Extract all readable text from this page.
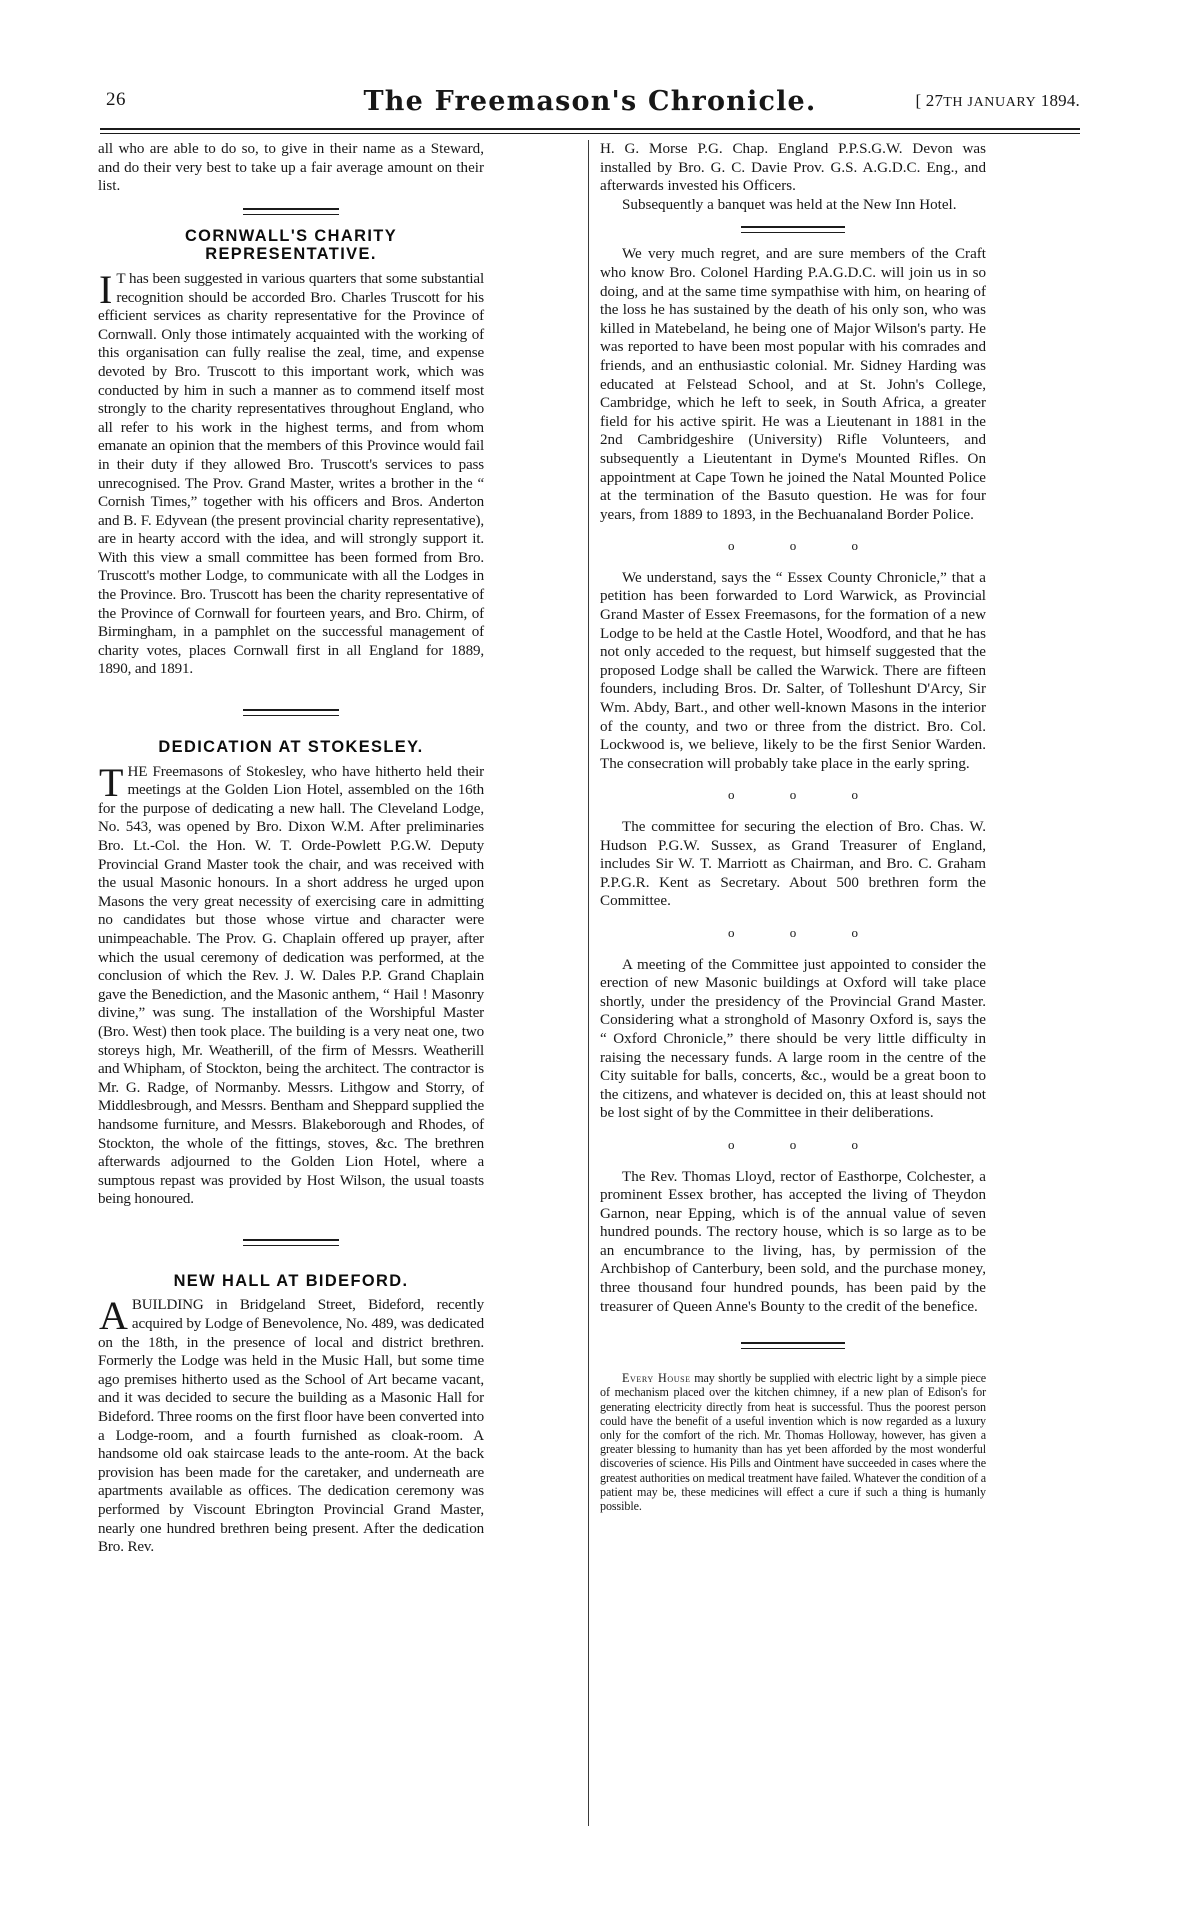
26	The Freemason's Chronicle.	[ 27TH JANUARY 1894.

all who are able to do so, to give in their name as a Steward, and do their very best to take up a fair average amount on their list.

CORNWALL'S CHARITY REPRESENTATIVE.
I T has been suggested in various quarters that some substantial recognition should be accorded Bro. Charles Truscott for his efficient services as charity representative for the Province of Cornwall. Only those intimately acquainted with the working of this organisation can fully realise the zeal, time, and expense devoted by Bro. Truscott to this important work, which was conducted by him in such a manner as to commend itself most strongly to the charity representatives throughout England, who all refer to his work in the highest terms, and from whom emanate an opinion that the members of this Province would fail in their duty if they allowed Bro. Truscott's services to pass unrecognised. The Prov. Grand Master, writes a brother in the “ Cornish Times,” together with his officers and Bros. Anderton and B. F. Edyvean (the present provincial charity representative), are in hearty accord with the idea, and will strongly support it. With this view a small committee has been formed from Bro. Truscott's mother Lodge, to communicate with all the Lodges in the Province. Bro. Truscott has been the charity representative of the Province of Cornwall for fourteen years, and Bro. Chirm, of Birmingham, in a pamphlet on the successful management of charity votes, places Cornwall first in all England for 1889, 1890, and 1891.

DEDICATION AT STOKESLEY.
T HE Freemasons of Stokesley, who have hitherto held their meetings at the Golden Lion Hotel, assembled on the 16th for the purpose of dedicating a new hall. The Cleveland Lodge, No. 543, was opened by Bro. Dixon W.M. After preliminaries Bro. Lt.-Col. the Hon. W. T. Orde-Powlett P.G.W. Deputy Provincial Grand Master took the chair, and was received with the usual Masonic honours. In a short address he urged upon Masons the very great necessity of exercising care in admitting no candidates but those whose virtue and character were unimpeachable. The Prov. G. Chaplain offered up prayer, after which the usual ceremony of dedication was performed, at the conclusion of which the Rev. J. W. Dales P.P. Grand Chaplain gave the Benediction, and the Masonic anthem, “ Hail ! Masonry divine,” was sung. The installation of the Worshipful Master (Bro. West) then took place. The building is a very neat one, two storeys high, Mr. Weatherill, of the firm of Messrs. Weatherill and Whipham, of Stockton, being the architect. The contractor is Mr. G. Radge, of Normanby. Messrs. Lithgow and Storry, of Middlesbrough, and Messrs. Bentham and Sheppard supplied the handsome furniture, and Messrs. Blakeborough and Rhodes, of Stockton, the whole of the fittings, stoves, &c. The brethren afterwards adjourned to the Golden Lion Hotel, where a sumptous repast was provided by Host Wilson, the usual toasts being honoured.

NEW HALL AT BIDEFORD.
A BUILDING in Bridgeland Street, Bideford, recently acquired by Lodge of Benevolence, No. 489, was dedicated on the 18th, in the presence of local and district brethren. Formerly the Lodge was held in the Music Hall, but some time ago premises hitherto used as the School of Art became vacant, and it was decided to secure the building as a Masonic Hall for Bideford. Three rooms on the first floor have been converted into a Lodge-room, and a fourth furnished as cloak-room. A handsome old oak staircase leads to the ante-room. At the back provision has been made for the caretaker, and underneath are apartments available as offices. The dedication ceremony was performed by Viscount Ebrington Provincial Grand Master, nearly one hundred brethren being present. After the dedication Bro. Rev.

H. G. Morse P.G. Chap. England P.P.S.G.W. Devon was installed by Bro. G. C. Davie Prov. G.S. A.G.D.C. Eng., and afterwards invested his Officers.

Subsequently a banquet was held at the New Inn Hotel.

We very much regret, and are sure members of the Craft who know Bro. Colonel Harding P.A.G.D.C. will join us in so doing, and at the same time sympathise with him, on hearing of the loss he has sustained by the death of his only son, who was killed in Matebeland, he being one of Major Wilson's party. He was reported to have been most popular with his comrades and friends, and an enthusiastic colonial. Mr. Sidney Harding was educated at Felstead School, and at St. John's College, Cambridge, which he left to seek, in South Africa, a greater field for his active spirit. He was a Lieutenant in 1881 in the 2nd Cambridgeshire (University) Rifle Volunteers, and subsequently a Lieutentant in Dyme's Mounted Rifles. On appointment at Cape Town he joined the Natal Mounted Police at the termination of the Basuto question. He was for four years, from 1889 to 1893, in the Bechuanaland Border Police.

o o o

We understand, says the “ Essex County Chronicle,” that a petition has been forwarded to Lord Warwick, as Provincial Grand Master of Essex Freemasons, for the formation of a new Lodge to be held at the Castle Hotel, Woodford, and that he has not only acceded to the request, but himself suggested that the proposed Lodge shall be called the Warwick. There are fifteen founders, including Bros. Dr. Salter, of Tolleshunt D'Arcy, Sir Wm. Abdy, Bart., and other well-known Masons in the interior of the county, and two or three from the district. Bro. Col. Lockwood is, we believe, likely to be the first Senior Warden. The consecration will probably take place in the early spring.

o o o

The committee for securing the election of Bro. Chas. W. Hudson P.G.W. Sussex, as Grand Treasurer of England, includes Sir W. T. Marriott as Chairman, and Bro. C. Graham P.P.G.R. Kent as Secretary. About 500 brethren form the Committee.

o o o

A meeting of the Committee just appointed to consider the erection of new Masonic buildings at Oxford will take place shortly, under the presidency of the Provincial Grand Master. Considering what a stronghold of Masonry Oxford is, says the “ Oxford Chronicle,” there should be very little difficulty in raising the necessary funds. A large room in the centre of the City suitable for balls, concerts, &c., would be a great boon to the citizens, and whatever is decided on, this at least should not be lost sight of by the Committee in their deliberations.

o o o

The Rev. Thomas Lloyd, rector of Easthorpe, Colchester, a prominent Essex brother, has accepted the living of Theydon Garnon, near Epping, which is of the annual value of seven hundred pounds. The rectory house, which is so large as to be an encumbrance to the living, has, by permission of the Archbishop of Canterbury, been sold, and the purchase money, three thousand four hundred pounds, has been paid by the treasurer of Queen Anne's Bounty to the credit of the benefice.

Every House may shortly be supplied with electric light by a simple piece of mechanism placed over the kitchen chimney, if a new plan of Edison's for generating electricity directly from heat is successful. Thus the poorest person could have the benefit of a useful invention which is now regarded as a luxury only for the comfort of the rich. Mr. Thomas Holloway, however, has given a greater blessing to humanity than has yet been afforded by the most wonderful discoveries of science. His Pills and Ointment have succeeded in cases where the greatest authorities on medical treatment have failed. Whatever the condition of a patient may be, these medicines will effect a cure if such a thing is humanly possible.
